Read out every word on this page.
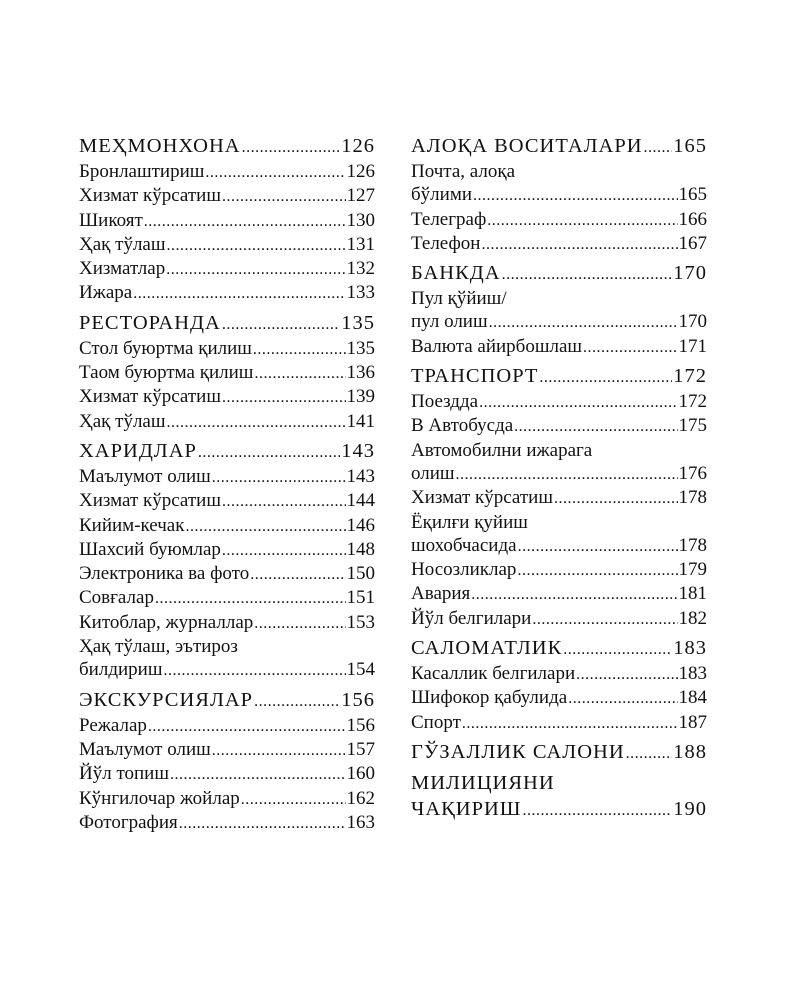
МЕҲМОНХОНА .....	126
Бронлаштириш .....	126
Хизмат кўрсатиш .....	127
Шикоят .....	130
Ҳақ тўлаш .....	131
Хизматлар .....	132
Ижара .....	133
РЕСТОРАНДА .....	135
Стол буюртма қилиш .....	135
Таом буюртма қилиш .....	136
Хизмат кўрсатиш .....	139
Ҳақ тўлаш .....	141
ХАРИДЛАР .....	143
Маълумот олиш .....	143
Хизмат кўрсатиш .....	144
Кийим-кечак .....	146
Шахсий буюмлар .....	148
Электроника ва фото .....	150
Совғалар .....	151
Китоблар, журналлар .....	153
Ҳақ тўлаш, эътироз
билдириш .....	154
ЭКСКУРСИЯЛАР .....	156
Режалар .....	156
Маълумот олиш .....	157
Йўл топиш .....	160
Кўнгилочар жойлар .....	162
Фотография .....	163
АЛОҚА ВОСИТАЛАРИ ..... 165
Почта, алоқа
бўлими .....	165
Телеграф .....	166
Телефон .....	167
БАНКДА .....	170
Пул қўйиш/
пул олиш .....	170
Валюта айирбошлаш .....	171
ТРАНСПОРТ .....	172
Поездда .....	172
В Автобусда .....	175
Автомобилни ижарага
олиш .....	176
Хизмат кўрсатиш .....	178
Ёқилғи қуйиш
шохобчасида .....	178
Носозликлар .....	179
Авария .....	181
Йўл белгилари .....	182
САЛОМАТЛИК .....	183
Касаллик белгилари .....	183
Шифокор қабулида .....	184
Спорт .....	187
ГЎЗАЛЛИК САЛОНИ ..... 188
МИЛИЦИЯНИ
ЧАҚИРИШ .....	190
